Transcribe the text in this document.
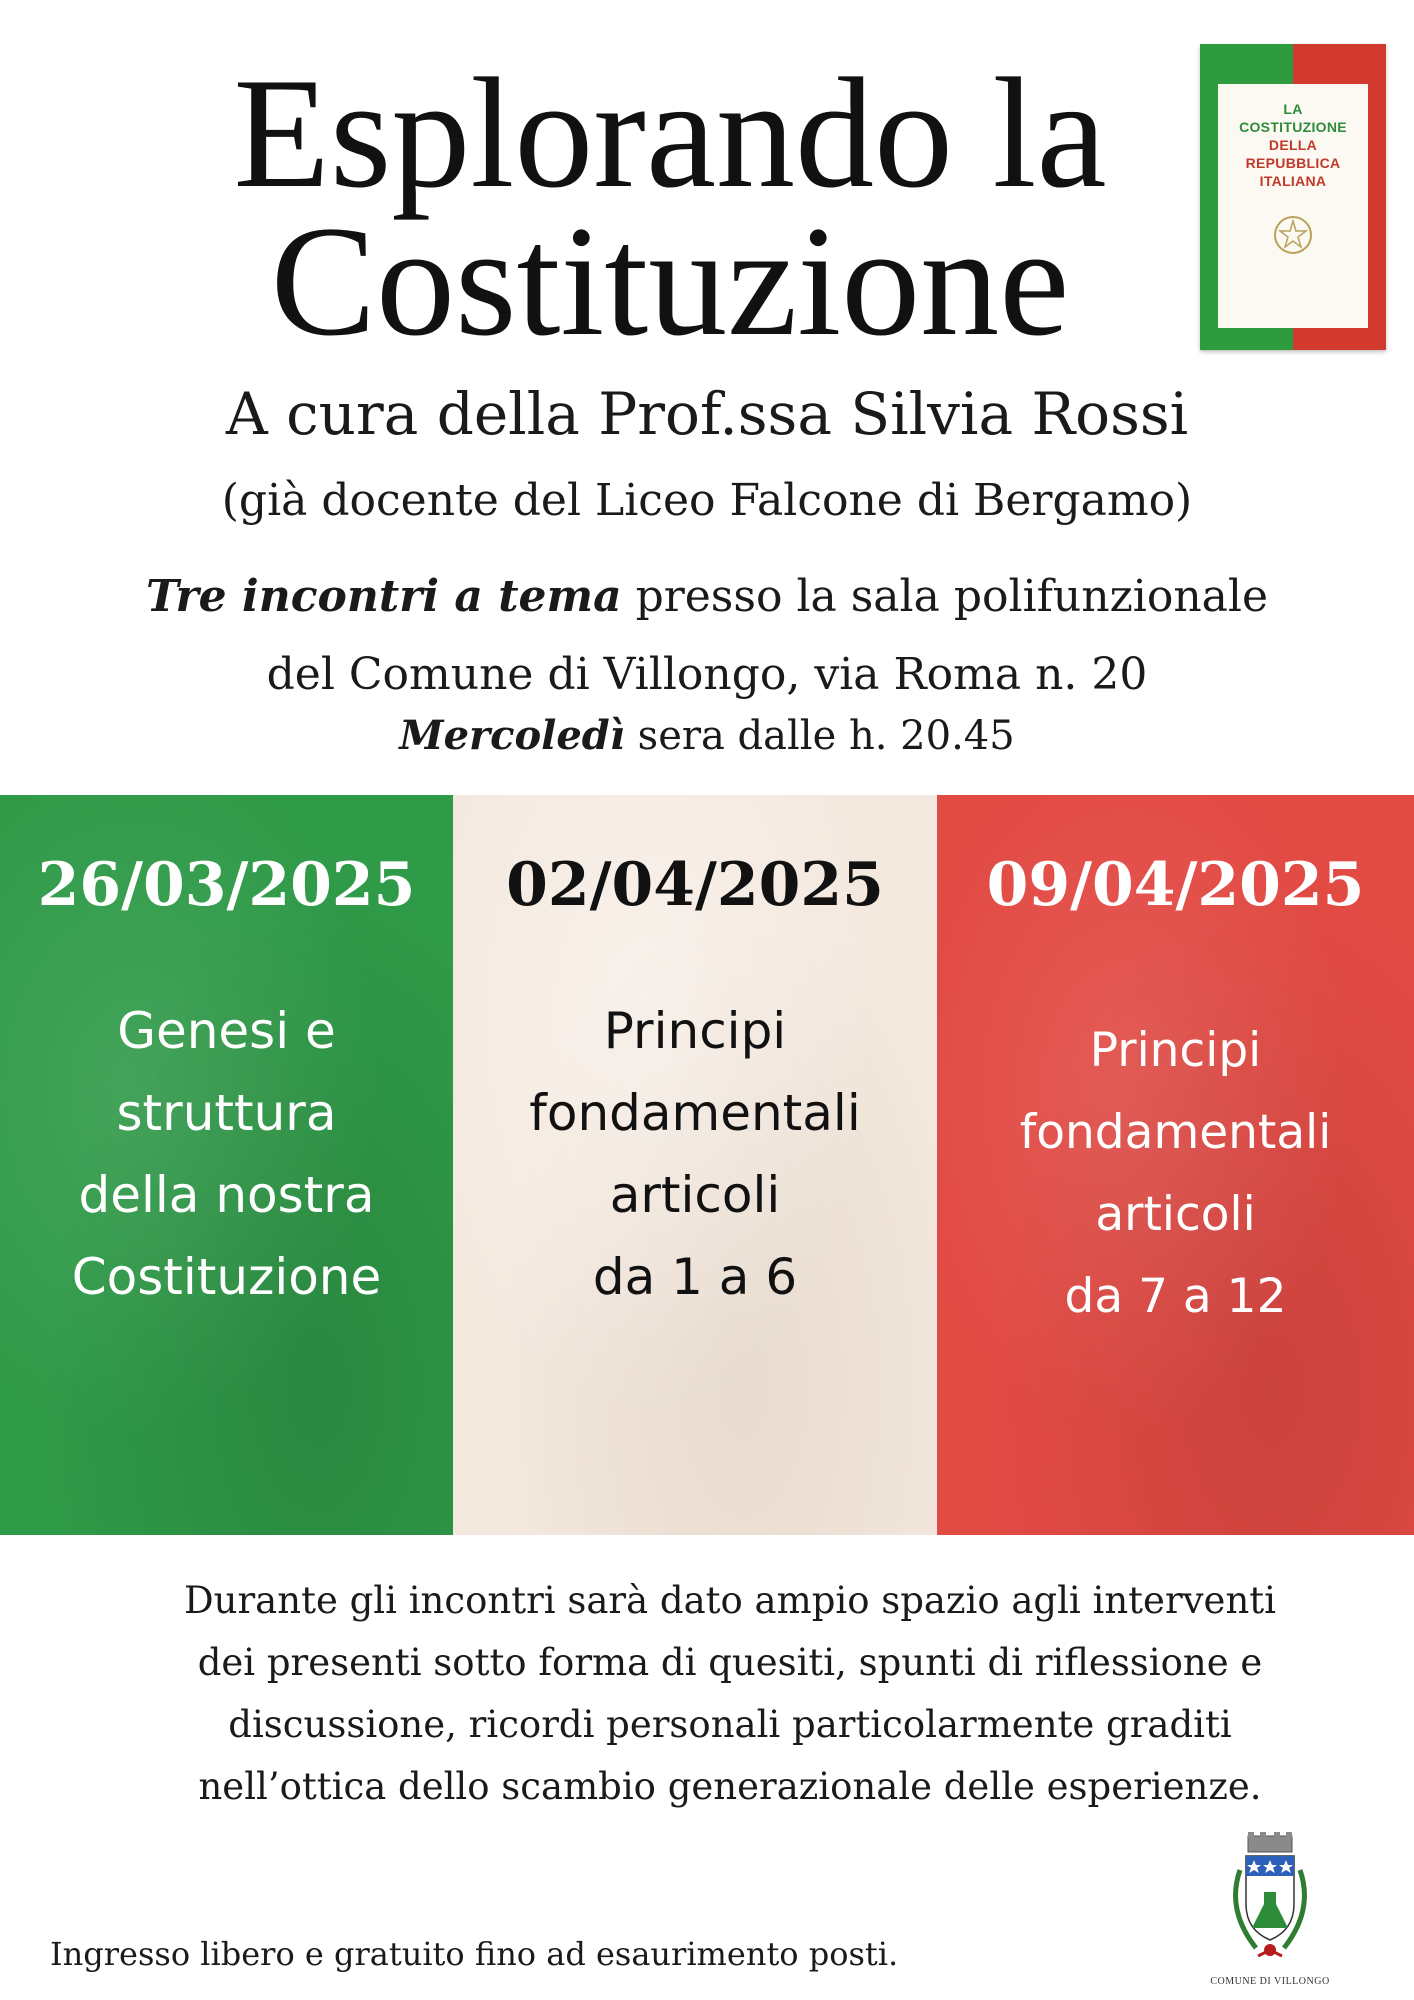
Esplorando la
Costituzione
LA
COSTITUZIONE
DELLA
REPUBBLICA
ITALIANA
A cura della Prof.ssa Silvia Rossi
(già docente del Liceo Falcone di Bergamo)
Tre incontri a tema presso la sala polifunzionale
del Comune di Villongo, via Roma n. 20
Mercoledì sera dalle h. 20.45
26/03/2025
Genesi e
struttura
della nostra
Costituzione
02/04/2025
Principi
fondamentali
articoli
da 1 a 6
09/04/2025
Principi
fondamentali
articoli
da 7 a 12
Durante gli incontri sarà dato ampio spazio agli interventi
dei presenti sotto forma di quesiti, spunti di riflessione e
discussione, ricordi personali particolarmente graditi
nell’ottica dello scambio generazionale delle esperienze.
Ingresso libero e gratuito fino ad esaurimento posti.
COMUNE DI VILLONGO
